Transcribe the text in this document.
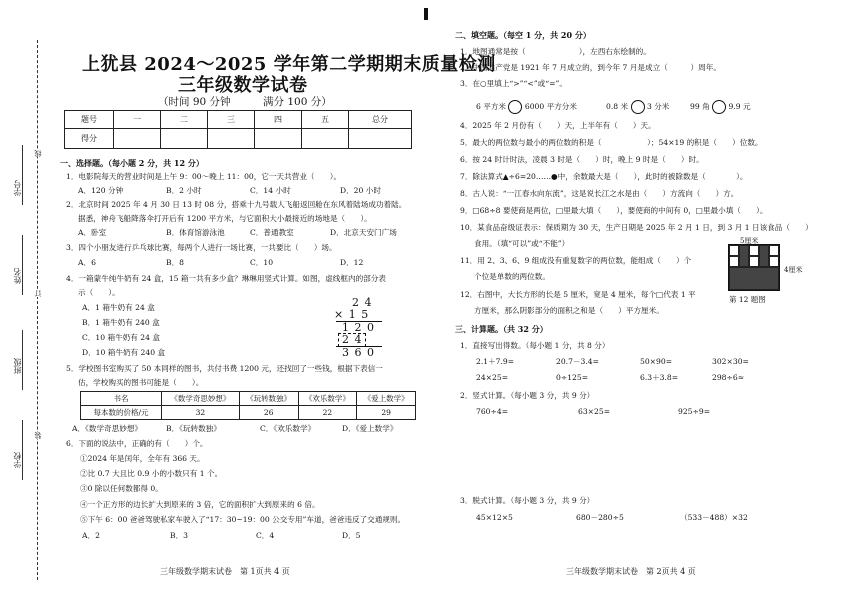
学校
班级
姓名
学号
线
订
装
上犹县 2024～2025 学年第二学期期末质量检测
三年级数学试卷
（时间 90 分钟	满分 100 分）
题号	一	二	三	四	五	总分
得分						
一、选择题。（每小题 2 分，共 12 分）
1．电影院每天的营业时间是上午 9：00～晚上 11：00，它一天共营业（　　）。
A．120 分钟	B．2 小时	C．14 小时	D．20 小时
2．北京时间 2025 年 4 月 30 日 13 时 08 分，搭乘十九号载人飞船返回舱在东风着陆场成功着陆。
据悉，神舟飞船降落伞打开后有 1200 平方米，与它面积大小最接近的场地是（　　）。
A．卧室	B．体育馆游泳池	C．普通教室	D．北京天安门广场
3．四个小朋友进行乒乓球比赛，每两个人进行一场比赛，一共要比（　　）场。
A．6	B．8	C．10	D．12
4．一箱蒙牛纯牛奶有 24 盒，15 箱一共有多少盒？琳琳用竖式计算。如图，虚线框内的部分表
示（　　）。
A．1 箱牛奶有 24 盒
B．1 箱牛奶有 240 盒
C．10 箱牛奶有 24 盒
D．10 箱牛奶有 240 盒
2 4
× 1 5
1 2 0
2 4
3 6 0
5．学校图书室购买了 50 本同样的图书，共付书费 1200 元，还找回了一些钱，根据下表信一
估，学校购买的图书可能是（　　）。
书名	《数学奇思妙想》	《玩转数独》	《欢乐数学》	《爱上数学》
每本数的价格/元	32	26	22	29
A．《数学奇思妙想》	B．《玩转数独》	C．《欢乐数学》	D．《爱上数学》
6．下面的说法中，正确的有（　　）个。
①2024 年是闰年，全年有 366 天。
②比 0.7 大且比 0.9 小的小数只有 1 个。
③0 除以任何数都得 0。
④一个正方形的边长扩大到原来的 3 倍，它的面积扩大到原来的 6 倍。
⑤下午 6：00 爸爸驾驶私家车驶入了“17：30~19：00 公交专用”车道，爸爸违反了交通规则。
A．2	B．3	C．4	D．5
三年级数学期末试卷　第 1页共 4 页
二、填空题。（每空 1 分，共 20 分）
1．地图通常是按（　　　　　　　），左西右东绘制的。
2．中国共产党是 1921 年 7 月成立的，到今年 7 月是成立（　　　）周年。
3．在○里填上“>”“<”或“=”。
6 平方米 6000 平方分米	0.8 米 3 分米	99 角 9.9 元
4．2025 年 2 月份有（　　）天，上半年有（　　）天。
5．最大的两位数与最小的两位数的积是（　　　　　　）；54×19 的积是（　　）位数。
6．按 24 时计时法，凌晨 3 时是（　　）时，晚上 9 时是（　　）时。
7．除法算式▲÷6=20……●中，余数最大是（　　），此时的被除数是（　　　　）。
8．古人说：“一江春水向东流”，这是说长江之水是由（　　）方流向（　　）方。
9．□68÷8 要使商是两位，□里最大填（　　），要使商的中间有 0，□里最小填（　　）。
10．某食品奋级证表示：保质期为 30 天，生产日期是 2025 年 2 月 1 日，到 3 月 1 日该食品（　　）
食用。（填“可以”或“不能”）
11．用 2、3、6、9 组成没有重复数字的两位数，能组成（　　）个
个位是单数的两位数。
12．右图中，大长方形的长是 5 厘米，宽是 4 厘米，每个□代表 1 平
方厘米，那么阴影部分的面积之和是（　　）平方厘米。
5厘米
4厘米
第 12 题图
三、计算题。（共 32 分）
1．直接写出得数。（每小题 1 分，共 8 分）
2.1＋7.9=	20.7－3.4=	50×90=	302×30=
24×25=	0÷125=	6.3＋3.8=	298÷6≈
2．竖式计算。（每小题 3 分，共 9 分）
760÷4=	63×25=	925÷9=
3．脱式计算。（每小题 3 分，共 9 分）
45×12×5	680－280÷5	（533－488）×32
三年级数学期末试卷　第 2页共 4 页
